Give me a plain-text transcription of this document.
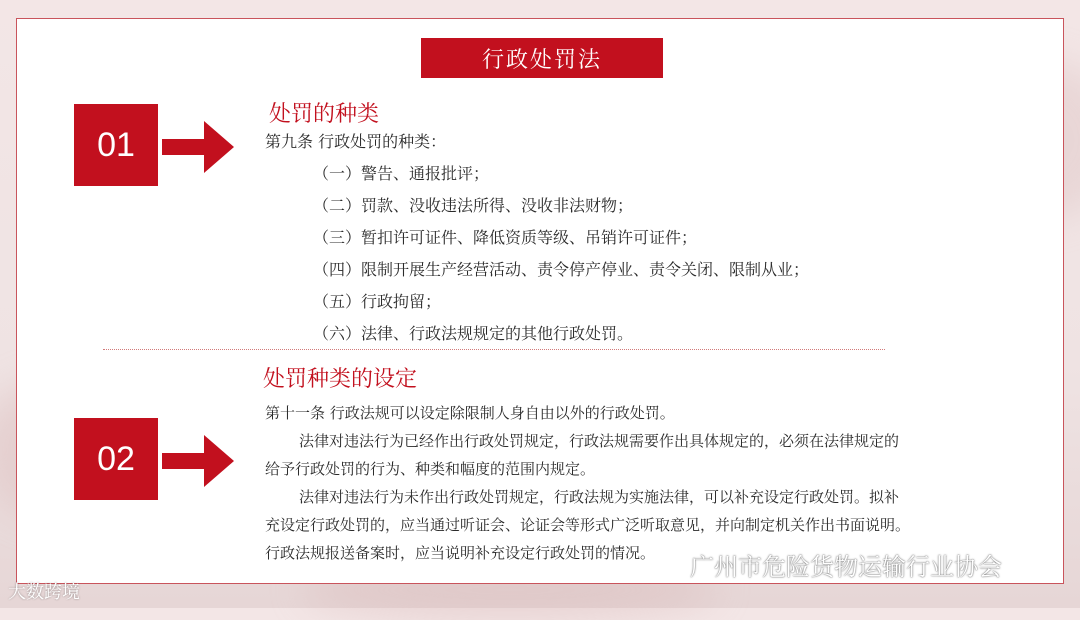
行政处罚法
01
处罚的种类
第九条 行政处罚的种类：
（一）警告、通报批评；
（二）罚款、没收违法所得、没收非法财物；
（三）暂扣许可证件、降低资质等级、吊销许可证件；
（四）限制开展生产经营活动、责令停产停业、责令关闭、限制从业；
（五）行政拘留；
（六）法律、行政法规规定的其他行政处罚。
02
处罚种类的设定
第十一条 行政法规可以设定除限制人身自由以外的行政处罚。
法律对违法行为已经作出行政处罚规定，行政法规需要作出具体规定的，必须在法律规定的
给予行政处罚的行为、种类和幅度的范围内规定。
法律对违法行为未作出行政处罚规定，行政法规为实施法律，可以补充设定行政处罚。拟补
充设定行政处罚的，应当通过听证会、论证会等形式广泛听取意见，并向制定机关作出书面说明。
行政法规报送备案时，应当说明补充设定行政处罚的情况。 广州市危险货物运输行业协会
大数跨境
